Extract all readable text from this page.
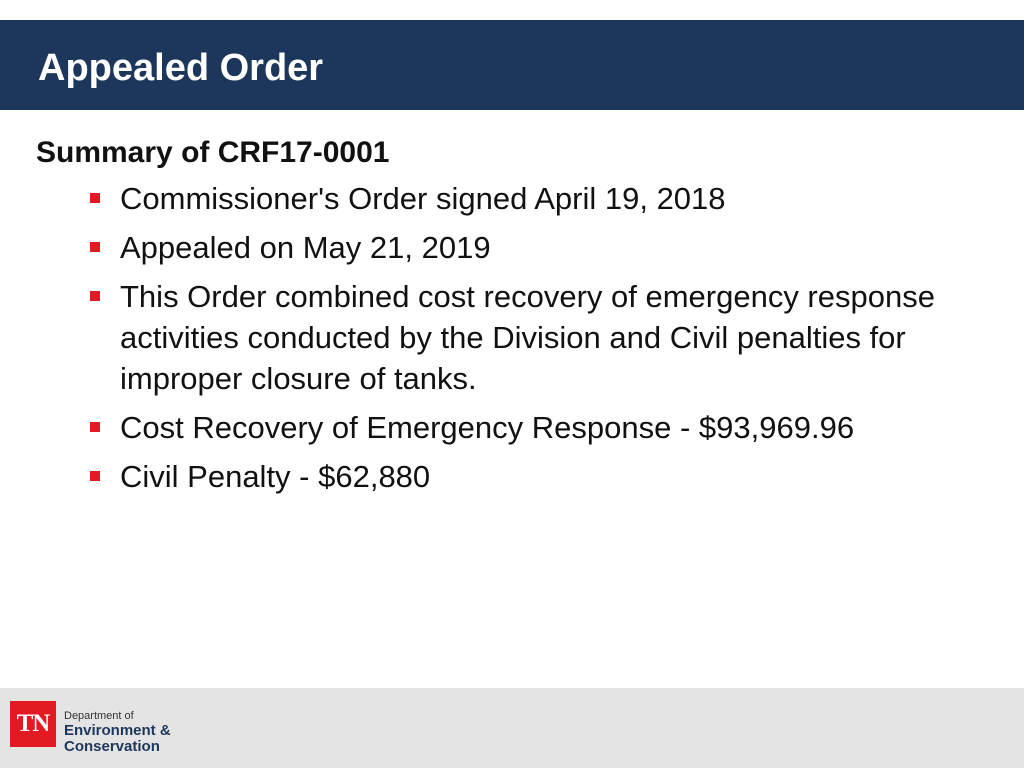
Appealed Order
Summary of CRF17-0001
Commissioner's Order signed April 19, 2018
Appealed on May 21, 2019
This Order combined cost recovery of emergency response activities conducted by the Division and Civil penalties for improper closure of tanks.
Cost Recovery of Emergency Response - $93,969.96
Civil Penalty - $62,880
TN	Department of
Environment &
Conservation
